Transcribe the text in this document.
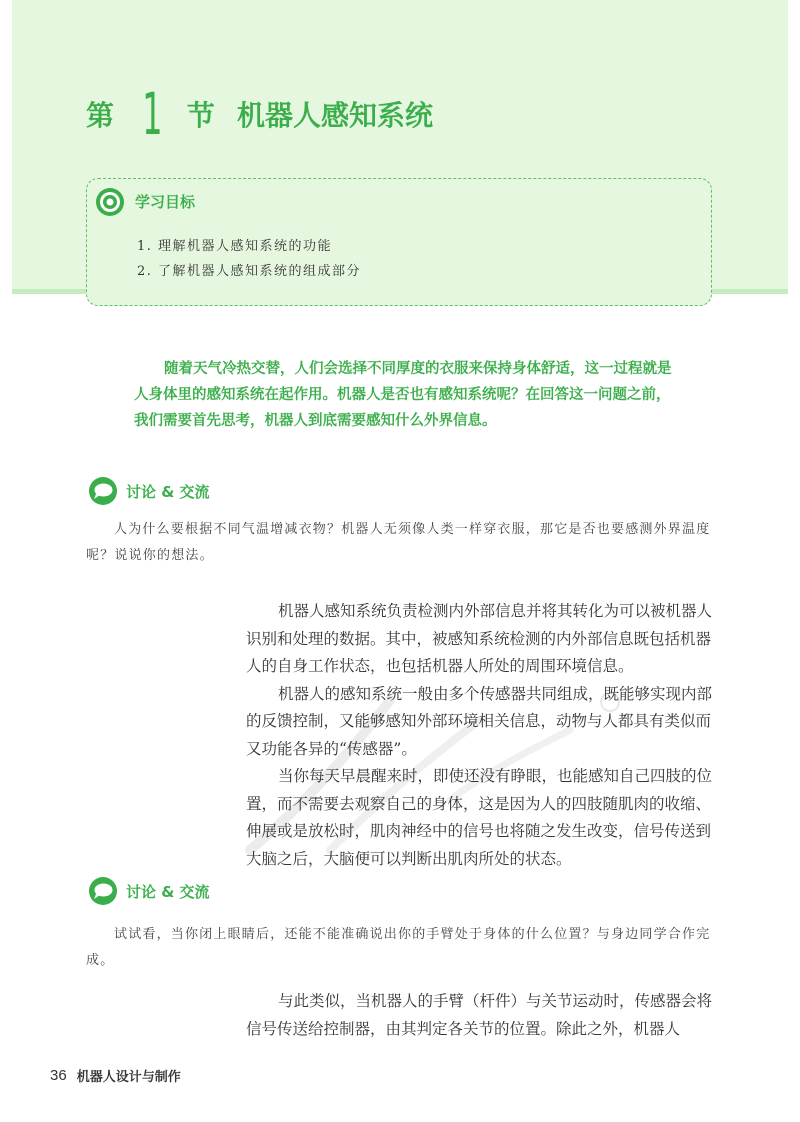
第 1 节 机器人感知系统
学习目标
1. 理解机器人感知系统的功能
2. 了解机器人感知系统的组成部分

随着天气冷热交替，人们会选择不同厚度的衣服来保持身体舒适，这一过程就是人身体里的感知系统在起作用。机器人是否也有感知系统呢？在回答这一问题之前，我们需要首先思考，机器人到底需要感知什么外界信息。

讨论 & 交流
人为什么要根据不同气温增减衣物？机器人无须像人类一样穿衣服，那它是否也要感测外界温度呢？说说你的想法。

机器人感知系统负责检测内外部信息并将其转化为可以被机器人识别和处理的数据。其中，被感知系统检测的内外部信息既包括机器人的自身工作状态，也包括机器人所处的周围环境信息。

机器人的感知系统一般由多个传感器共同组成，既能够实现内部的反馈控制，又能够感知外部环境相关信息，动物与人都具有类似而又功能各异的“传感器”。

当你每天早晨醒来时，即使还没有睁眼，也能感知自己四肢的位置，而不需要去观察自己的身体，这是因为人的四肢随肌肉的收缩、伸展或是放松时，肌肉神经中的信号也将随之发生改变，信号传送到大脑之后，大脑便可以判断出肌肉所处的状态。

讨论 & 交流
试试看，当你闭上眼睛后，还能不能准确说出你的手臂处于身体的什么位置？与身边同学合作完成。

与此类似，当机器人的手臂（杆件）与关节运动时，传感器会将信号传送给控制器，由其判定各关节的位置。除此之外，机器人

36 机器人设计与制作
